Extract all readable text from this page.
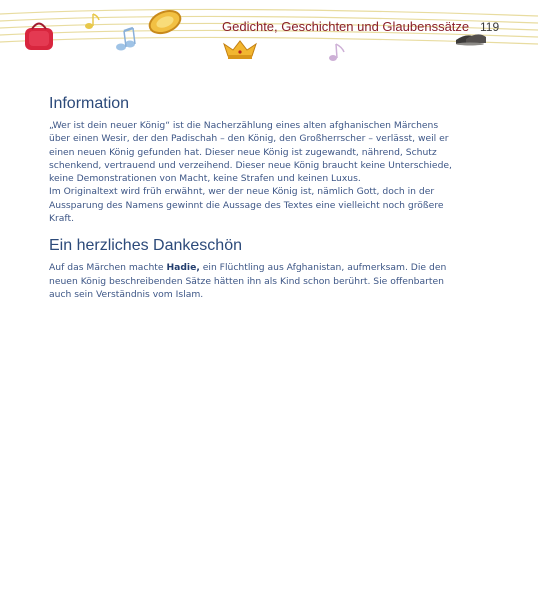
Gedichte, Geschichten und Glaubenssätze 119
Information

„Wer ist dein neuer König“ ist die Nacherzählung eines alten afghanischen Märchens über einen Wesir, der den Padischah – den König, den Großherrscher – verlässt, weil er einen neuen König gefunden hat. Dieser neue König ist zugewandt, nährend, Schutz schenkend, vertrauend und verzeihend. Dieser neue König braucht keine Unterschiede, keine Demonstrationen von Macht, keine Strafen und keinen Luxus.

Im Originaltext wird früh erwähnt, wer der neue König ist, nämlich Gott, doch in der Aussparung des Namens gewinnt die Aussage des Textes eine vielleicht noch größere Kraft.

Ein herzliches Dankeschön

Auf das Märchen machte Hadie, ein Flüchtling aus Afghanistan, aufmerksam. Die den neuen König beschreibenden Sätze hätten ihn als Kind schon berührt. Sie offenbarten auch sein Verständnis vom Islam.
